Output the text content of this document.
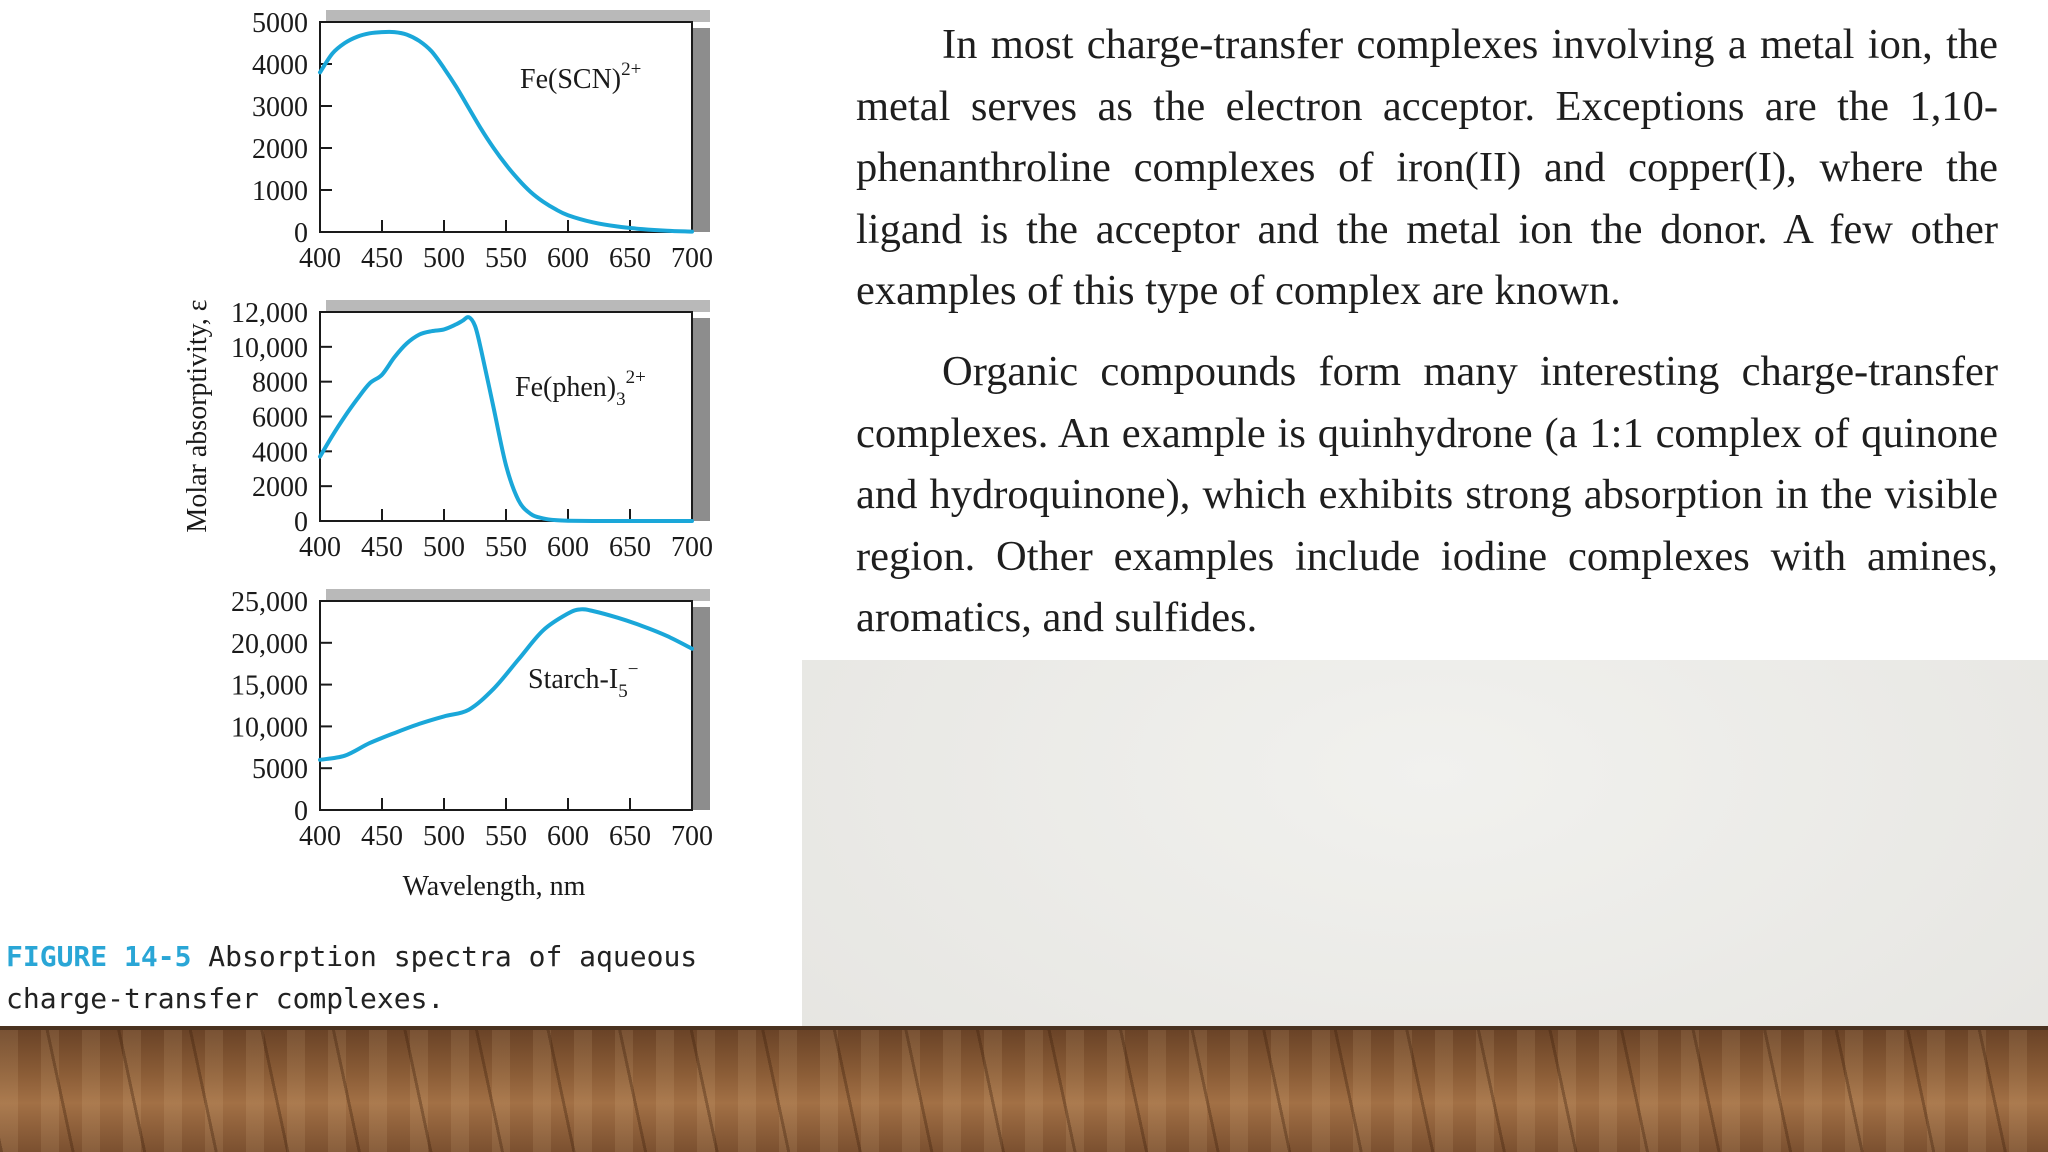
In most charge-transfer complexes involving a metal ion, the metal serves as the electron acceptor. Exceptions are the 1,10-phenanthroline complexes of iron(II) and copper(I), where the ligand is the acceptor and the metal ion the donor. A few other examples of this type of complex are known.

Organic compounds form many interesting charge-transfer complexes. An example is quinhydrone (a 1:1 complex of quinone and hydroquinone), which exhibits strong absorption in the visible region. Other examples include iodine complexes with amines, aromatics, and sulfides.

400 450 500 550 600 650 700
0
1000
2000
3000
4000
5000
Fe(SCN)$^{2+}$
400 450 500 550 600 650 700
0
2000
4000
6000
8000
10,000
12,000
$Fe(phen)_3^{2+}$
400 450 500 550 600 650 700
0
5000
10,000
15,000
20,000
25,000
Starch-$I_5^-$
Wavelength, nm
Molar absorptivity, ε
FIGURE 14-5 Absorption spectra of aqueous charge-transfer complexes.
